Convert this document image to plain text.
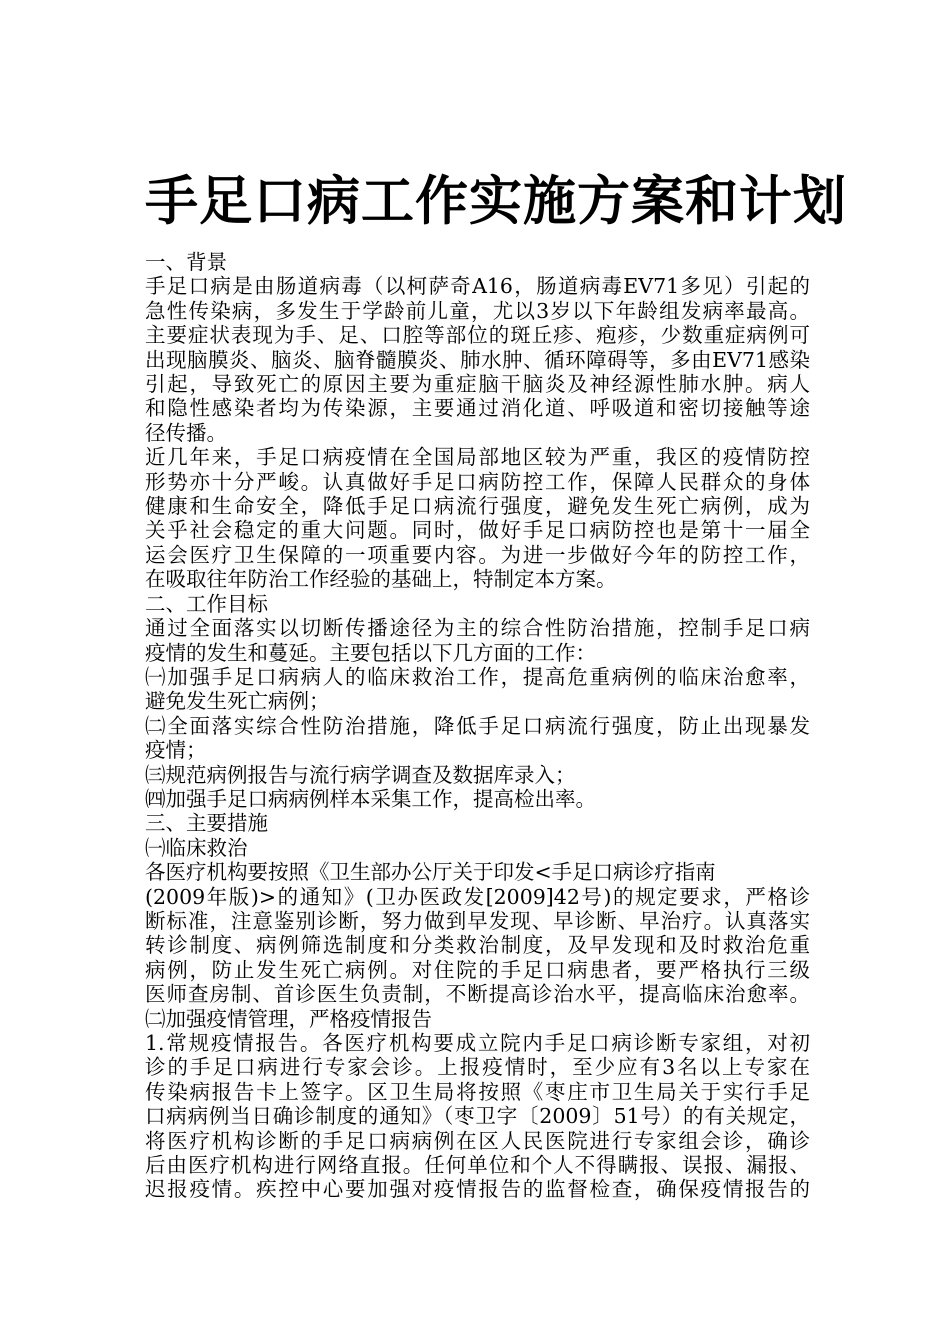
手足口病工作实施方案和计划
一、背景
手足口病是由肠道病毒（以柯萨奇A16，肠道病毒EV71多见）引起的
急性传染病，多发生于学龄前儿童，尤以3岁以下年龄组发病率最高。
主要症状表现为手、足、口腔等部位的斑丘疹、疱疹，少数重症病例可
出现脑膜炎、脑炎、脑脊髓膜炎、肺水肿、循环障碍等，多由EV71感染
引起，导致死亡的原因主要为重症脑干脑炎及神经源性肺水肿。病人
和隐性感染者均为传染源，主要通过消化道、呼吸道和密切接触等途
径传播。
近几年来，手足口病疫情在全国局部地区较为严重，我区的疫情防控
形势亦十分严峻。认真做好手足口病防控工作，保障人民群众的身体
健康和生命安全，降低手足口病流行强度，避免发生死亡病例，成为
关乎社会稳定的重大问题。同时，做好手足口病防控也是第十一届全
运会医疗卫生保障的一项重要内容。为进一步做好今年的防控工作，
在吸取往年防治工作经验的基础上，特制定本方案。
二、工作目标
通过全面落实以切断传播途径为主的综合性防治措施，控制手足口病
疫情的发生和蔓延。主要包括以下几方面的工作：
㈠加强手足口病病人的临床救治工作，提高危重病例的临床治愈率，
避免发生死亡病例；
㈡全面落实综合性防治措施，降低手足口病流行强度，防止出现暴发
疫情；
㈢规范病例报告与流行病学调查及数据库录入；
㈣加强手足口病病例样本采集工作，提高检出率。
三、主要措施
㈠临床救治
各医疗机构要按照《卫生部办公厅关于印发<手足口病诊疗指南
(2009年版)>的通知》(卫办医政发[2009]42号)的规定要求，严格诊
断标准，注意鉴别诊断，努力做到早发现、早诊断、早治疗。认真落实
转诊制度、病例筛选制度和分类救治制度，及早发现和及时救治危重
病例，防止发生死亡病例。对住院的手足口病患者，要严格执行三级
医师查房制、首诊医生负责制，不断提高诊治水平，提高临床治愈率。
㈡加强疫情管理，严格疫情报告
1.常规疫情报告。各医疗机构要成立院内手足口病诊断专家组，对初
诊的手足口病进行专家会诊。上报疫情时，至少应有3名以上专家在
传染病报告卡上签字。区卫生局将按照《枣庄市卫生局关于实行手足
口病病例当日确诊制度的通知》（枣卫字〔2009〕51号）的有关规定，
将医疗机构诊断的手足口病病例在区人民医院进行专家组会诊，确诊
后由医疗机构进行网络直报。任何单位和个人不得瞒报、误报、漏报、
迟报疫情。疾控中心要加强对疫情报告的监督检查，确保疫情报告的
